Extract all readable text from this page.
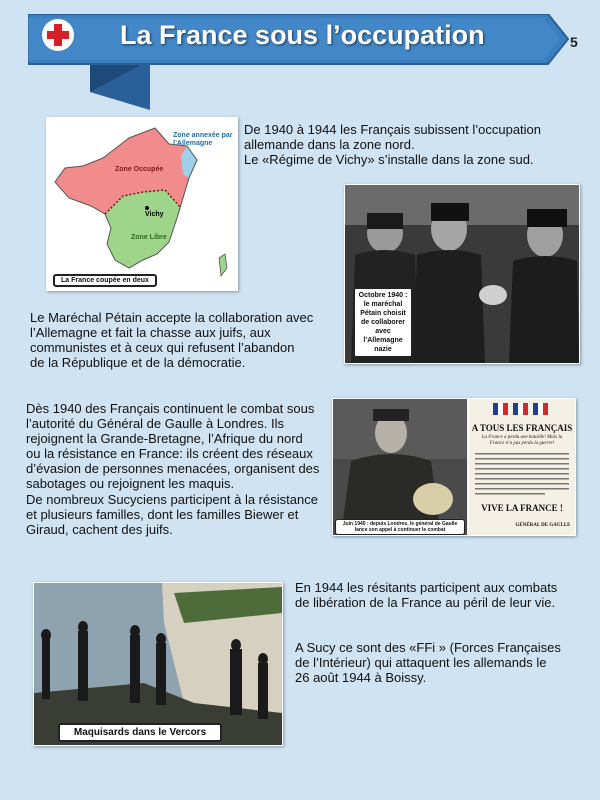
La France sous l’occupation	5
Zone annexée par l’Allemagne
Zone Occupée
Vichy
Zone Libre
La France coupée en deux
De 1940 à 1944 les Français subissent l’occupation
allemande dans la zone nord.
Le «Régime de Vichy» s’installe dans la zone sud.
Octobre 1940 : le maréchal Pétain choisit de collaborer avec l’Allemagne nazie
Le Maréchal Pétain accepte la collaboration avec
l’Allemagne et fait la chasse aux juifs, aux
communistes et à ceux qui refusent l’abandon
de la République et de la démocratie.
Dès 1940 des Français continuent le combat sous
l’autorité du Général de Gaulle à Londres. Ils
rejoignent la Grande-Bretagne, l’Afrique du nord
ou la résistance en France: ils créent des réseaux
d’évasion de personnes menacées, organisent des
sabotages ou rejoignent les maquis.
De nombreux Sucyciens participent à la résistance
et plusieurs familles, dont les familles Biewer et
Giraud, cachent des juifs.	Juin 1940 : depuis Londres, le général de Gaulle lance son appel à continuer le combat
A TOUS LES FRANÇAIS
La France a perdu une bataille! Mais la France n’a pas perdu la guerre!
VIVE LA FRANCE !
GÉNÉRAL DE GAULLE
Maquisards dans le Vercors
En 1944 les résitants participent aux combats
de libération de la France au péril de leur vie.
A Sucy ce sont des «FFi » (Forces Françaises
de l’Intérieur) qui attaquent les allemands le
26 août 1944 à Boissy.
